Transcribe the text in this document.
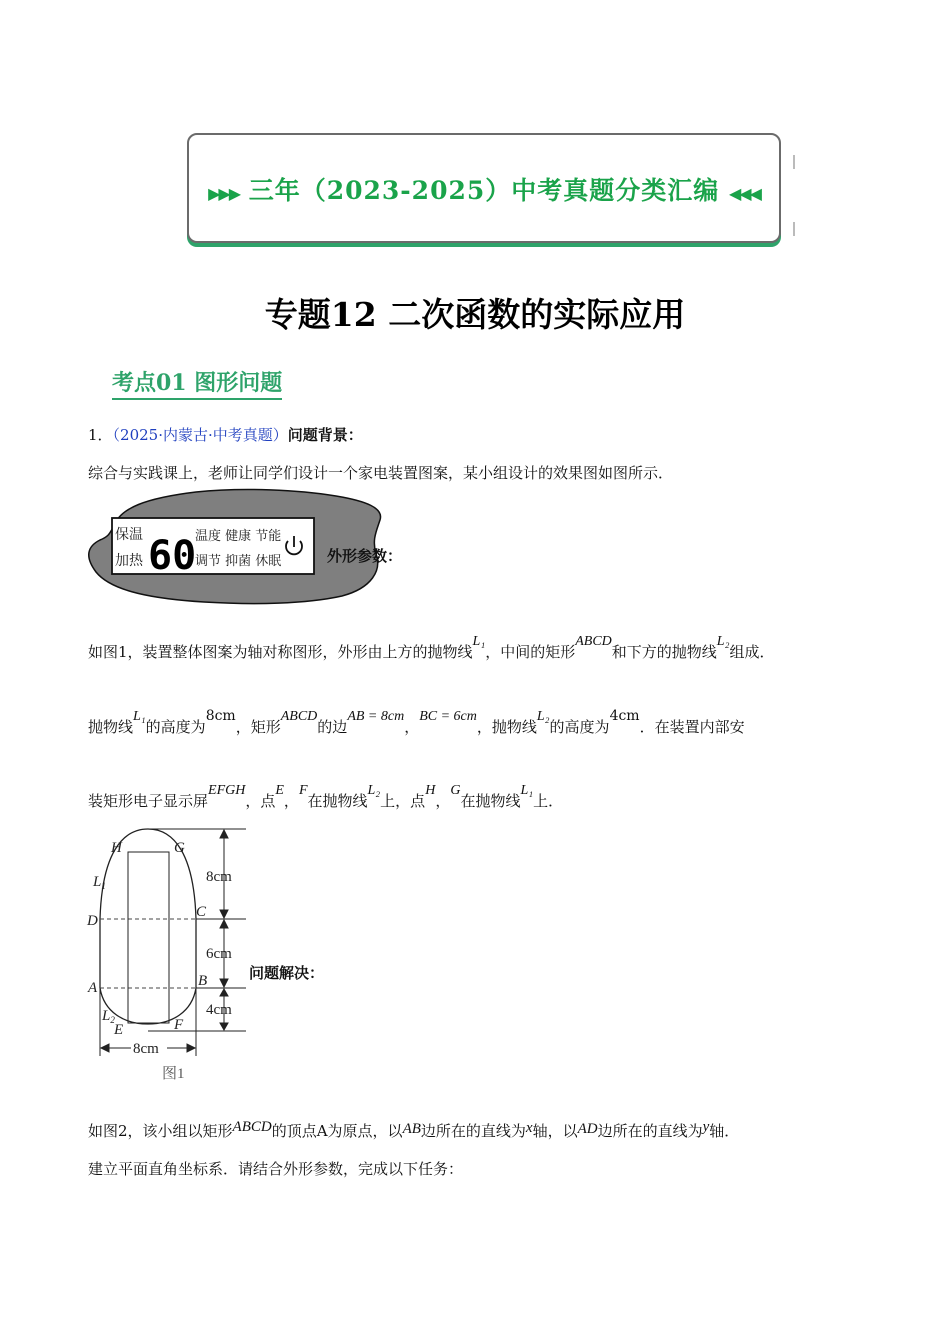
▶▶▶ 三年（2023-2025）中考真题分类汇编 ◀◀◀
专题12 二次函数的实际应用
考点01 图形问题
1．（2025·内蒙古·中考真题）问题背景：
综合与实践课上，老师让同学们设计一个家电装置图案，某小组设计的效果图如图所示．
保温
加热 60
温度 健康 节能
调节 抑菌 休眠	外形参数：
如图1，装置整体图案为轴对称图形，外形由上方的抛物线L₁，中间的矩形ABCD和下方的抛物线L₂组成．
抛物线L₁的高度为8cm，矩形ABCD的边AB = 8cm，BC = 6cm，抛物线L₂的高度为4cm．在装置内部安
装矩形电子显示屏EFGH，点E，F在抛物线L₂上，点H，G在抛物线L₁上．
H	G
$L_1$
D
C
A	B
$L_2$
E	F
8cm
6cm
4cm
8cm
图1
问题解决：
如图2，该小组以矩形ABCD的顶点A为原点，以AB边所在的直线为x轴，以AD边所在的直线为y轴．
建立平面直角坐标系．请结合外形参数，完成以下任务：
